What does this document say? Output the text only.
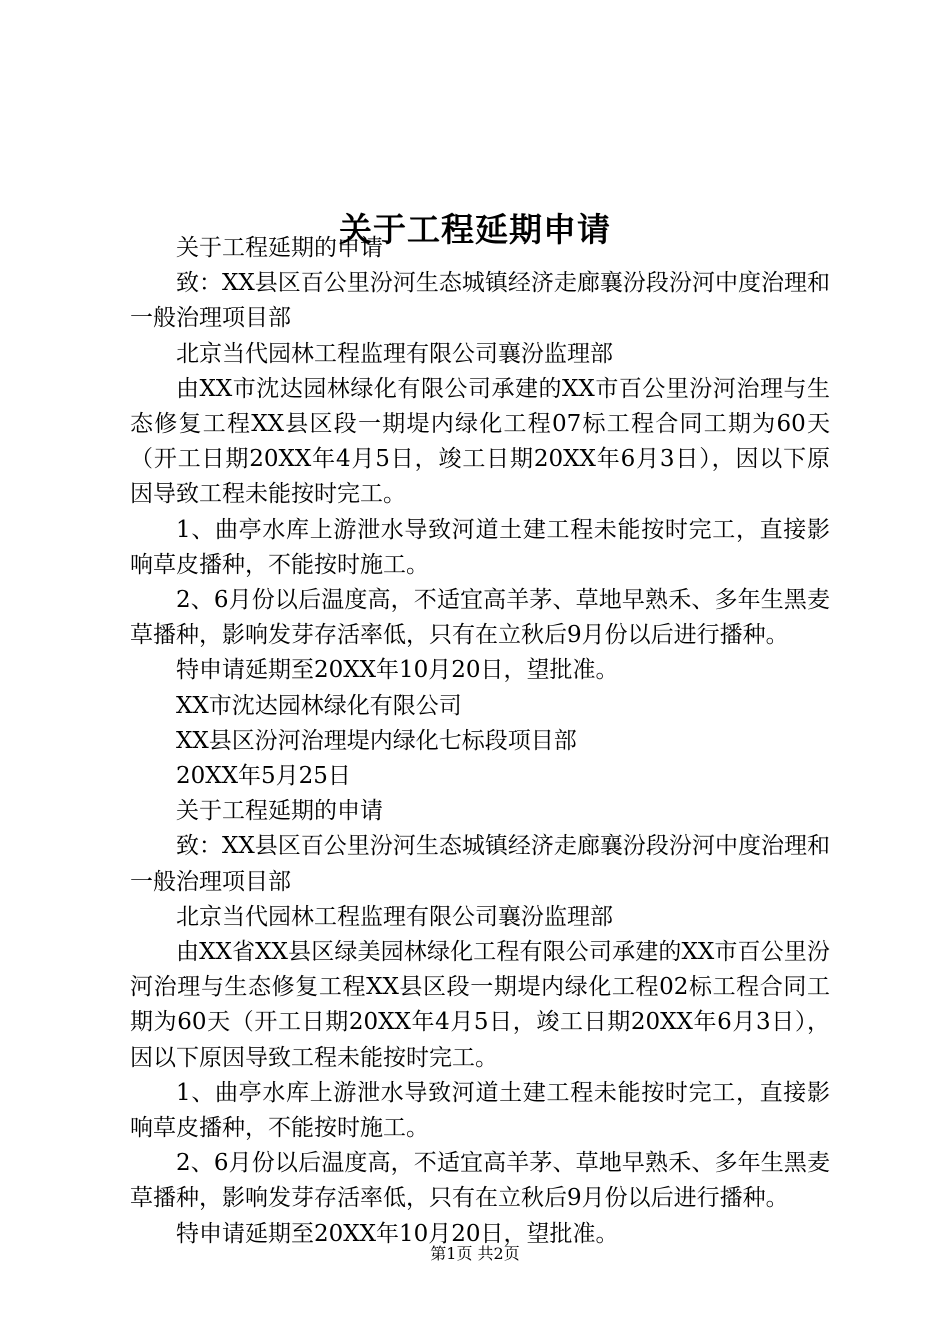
关于工程延期申请

关于工程延期的申请

致：XX县区百公里汾河生态城镇经济走廊襄汾段汾河中度治理和一般治理项目部

北京当代园林工程监理有限公司襄汾监理部

由XX市沈达园林绿化有限公司承建的XX市百公里汾河治理与生态修复工程XX县区段一期堤内绿化工程07标工程合同工期为60天（开工日期20XX年4月5日，竣工日期20XX年6月3日），因以下原因导致工程未能按时完工。

1、曲亭水库上游泄水导致河道土建工程未能按时完工，直接影响草皮播种，不能按时施工。

2、6月份以后温度高，不适宜高羊茅、草地早熟禾、多年生黑麦草播种，影响发芽存活率低，只有在立秋后9月份以后进行播种。

特申请延期至20XX年10月20日，望批准。

XX市沈达园林绿化有限公司

XX县区汾河治理堤内绿化七标段项目部

20XX年5月25日

关于工程延期的申请

致：XX县区百公里汾河生态城镇经济走廊襄汾段汾河中度治理和一般治理项目部

北京当代园林工程监理有限公司襄汾监理部

由XX省XX县区绿美园林绿化工程有限公司承建的XX市百公里汾河治理与生态修复工程XX县区段一期堤内绿化工程02标工程合同工期为60天（开工日期20XX年4月5日，竣工日期20XX年6月3日），因以下原因导致工程未能按时完工。

1、曲亭水库上游泄水导致河道土建工程未能按时完工，直接影响草皮播种，不能按时施工。

2、6月份以后温度高，不适宜高羊茅、草地早熟禾、多年生黑麦草播种，影响发芽存活率低，只有在立秋后9月份以后进行播种。

特申请延期至20XX年10月20日，望批准。

第1页 共2页
